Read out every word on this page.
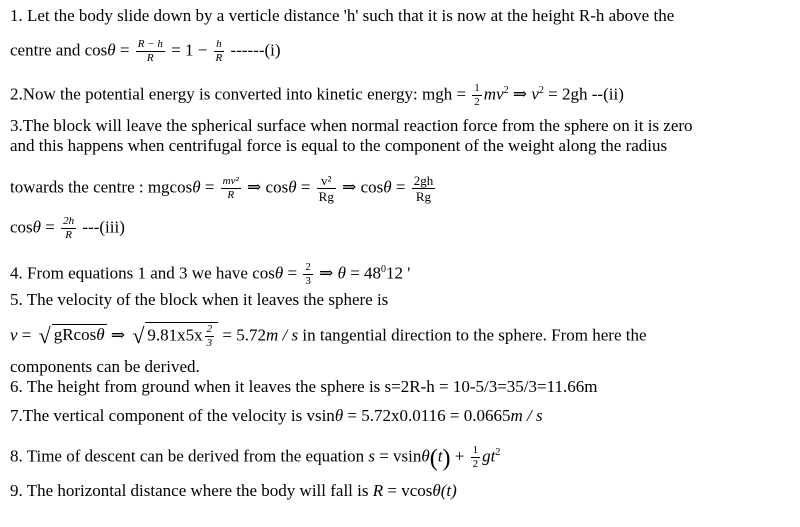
1. Let the body slide down by a verticle distance 'h' such that it is now at the height R-h above the
centre and $\cos\theta = \frac{R - h}{R} = 1 - \frac{h}{R} ------(i)$
2.Now the potential energy is converted into kinetic energy: mgh = $\frac{1}{2} mv^2$ ⇒ $v^2 = 2gh$ --(ii)
3.The block will leave the spherical surface when normal reaction force from the sphere on it is zero
and this happens when centrifugal force is equal to the component of the weight along the radius
towards the centre : $mgcos\theta = \frac{\text{mv²}}{R}$ ⇒ $\cos\theta = \frac{\text{v²}}{Rg}$ ⇒ $\cos\theta = \frac{2gh}{Rg}$
$\cos\theta = \frac{2h}{R} ---(iii)$
4. From equations 1 and 3 we have $\cos\theta = \frac{2}{3}$ ⇒ $\theta = 48^012$ '
5. The velocity of the block when it leaves the sphere is
v = √ gRcosθ ⇒ √ $9.81x5x \frac{2}{3} = 5.72m / s$ in tangential direction to the sphere. From here the
components can be derived.
6. The height from ground when it leaves the sphere is s=2R-h = 10-5/3=35/3=11.66m
7.The vertical component of the velocity is vsinθ = 5.72x0.0116 = 0.0665m / s
8. Time of descent can be derived from the equation $s = vsin\theta(t) + \frac{1}{2} gt^2$
9. The horizontal distance where the body will fall is R = vcosθ(t)
